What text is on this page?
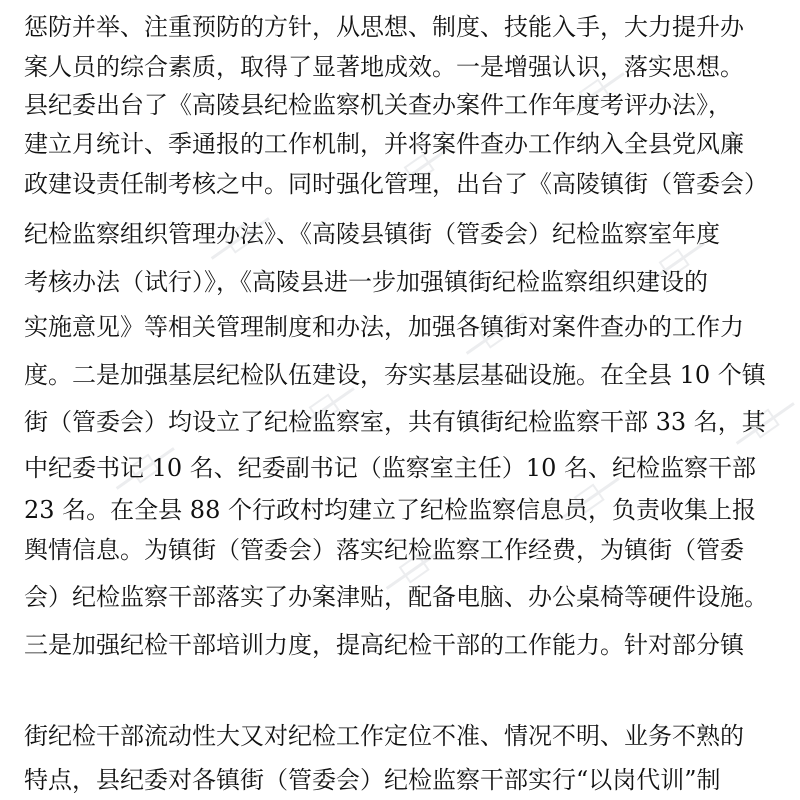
惩防并举、注重预防的方针，从思想、制度、技能入手，大力提升办
案人员的综合素质，取得了显著地成效。一是增强认识，落实思想。
县纪委出台了《高陵县纪检监察机关查办案件工作年度考评办法》，
建立月统计、季通报的工作机制，并将案件查办工作纳入全县党风廉
政建设责任制考核之中。同时强化管理，出台了《高陵镇街（管委会）
纪检监察组织管理办法》、《高陵县镇街（管委会）纪检监察室年度
考核办法（试行）》，《高陵县进一步加强镇街纪检监察组织建设的
实施意见》等相关管理制度和办法，加强各镇街对案件查办的工作力
度。二是加强基层纪检队伍建设，夯实基层基础设施。在全县 10 个镇
街（管委会）均设立了纪检监察室，共有镇街纪检监察干部 33 名，其
中纪委书记 10 名、纪委副书记（监察室主任）10 名、纪检监察干部
23 名。在全县 88 个行政村均建立了纪检监察信息员，负责收集上报
舆情信息。为镇街（管委会）落实纪检监察工作经费，为镇街（管委
会）纪检监察干部落实了办案津贴，配备电脑、办公桌椅等硬件设施。
三是加强纪检干部培训力度，提高纪检干部的工作能力。针对部分镇
街纪检干部流动性大又对纪检工作定位不准、情况不明、业务不熟的
特点，县纪委对各镇街（管委会）纪检监察干部实行“以岗代训”制
